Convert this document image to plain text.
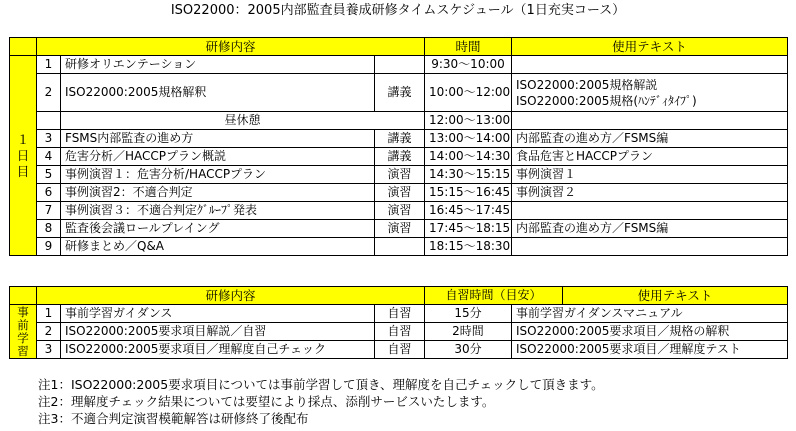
ISO22000：2005内部監査員養成研修タイムスケジュール（1日充実コース）
	研修内容			時間	使用テキスト
１日目	1	研修オリエンテーション		9:30～10:00	
	2	ISO22000:2005規格解釈	講義	10:00～12:00	ISO22000:2005規格解説
ISO22000:2005規格(ﾊﾝﾃﾞｨﾀｲﾌﾟ)

		昼休憩		12:00～13:00	
	3	FSMS内部監査の進め方	講義	13:00～14:00	内部監査の進め方／FSMS編
	4	危害分析／HACCPプラン概説	講義	14:00～14:30	食品危害とHACCPプラン
	5	事例演習１：危害分析/HACCPプラン	演習	14:30～15:15	事例演習１
	6	事例演習2：不適合判定	演習	15:15～16:45	事例演習２
	7	事例演習３：不適合判定ｸﾞﾙｰﾌﾟ発表	演習	16:45～17:45	
	8	監査後会議ロールプレイング	演習	17:45～18:15	内部監査の進め方／FSMS編
	9	研修まとめ／Q&A		18:15～18:30	
	研修内容			自習時間（目安） 使用テキスト	

事前学習	1	事前学習ガイダンス	自習	15分	事前学習ガイダンスマニュアル
	2	ISO22000:2005要求項目解説／自習	自習	2時間	ISO22000:2005要求項目／規格の解釈
	3	ISO22000:2005要求項目／理解度自己チェック	自習	30分	ISO22000:2005要求項目／理解度テスト
注1：ISO22000:2005要求項目については事前学習して頂き、理解度を自己チェックして頂きます。
注2：理解度チェック結果については要望により採点、添削サービスいたします。
注3：不適合判定演習模範解答は研修終了後配布
